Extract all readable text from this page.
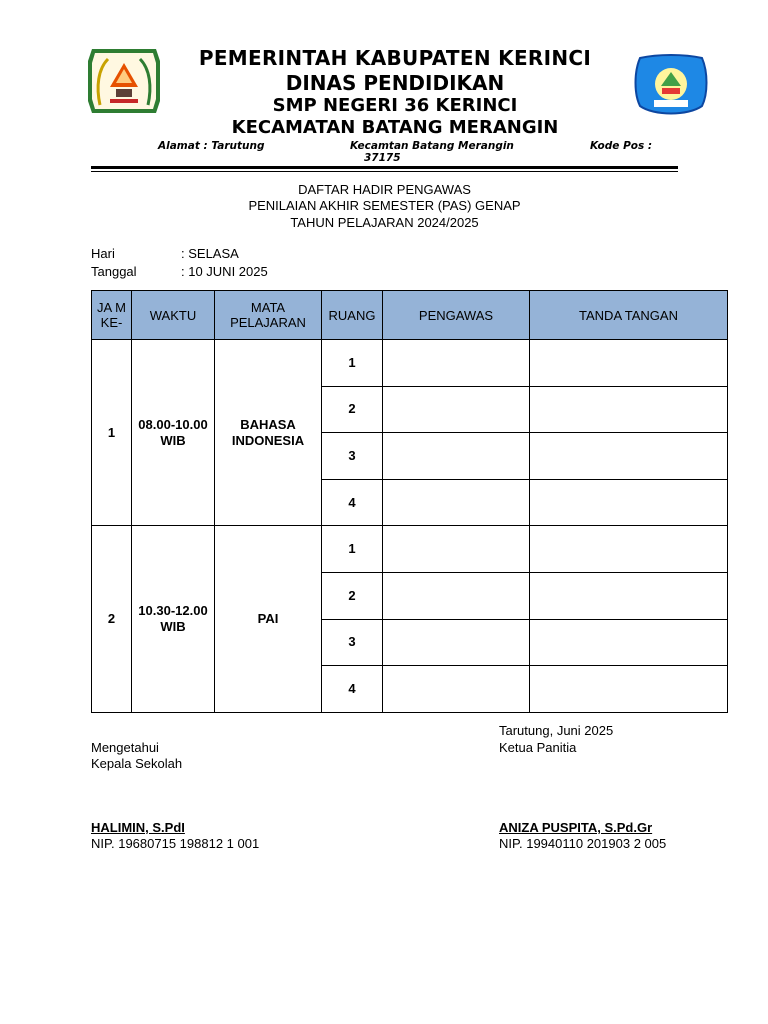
PEMERINTAH KABUPATEN KERINCI
DINAS PENDIDIKAN
SMP NEGERI 36 KERINCI
KECAMATAN BATANG MERANGIN
Alamat : Tarutung	Kecamtan Batang Merangin	Kode Pos :
37175
DAFTAR HADIR PENGAWAS
PENILAIAN AKHIR SEMESTER (PAS) GENAP
TAHUN PELAJARAN 2024/2025
Hari	: SELASA
Tanggal	: 10 JUNI 2025
JA M KE-	WAKTU	MATA PELAJARAN	RUANG	PENGAWAS	TANDA TANGAN
1	08.00-10.00 WIB	BAHASA INDONESIA	1		
			2		
			3		
			4		
2	10.30-12.00 WIB	PAI	1		
			2		
			3		
			4		
Tarutung, Juni 2025
Mengetahui	Ketua Panitia
Kepala Sekolah
HALIMIN, S.PdI	ANIZA PUSPITA, S.Pd.Gr
NIP. 19680715 198812 1 001	NIP. 19940110 201903 2 005
